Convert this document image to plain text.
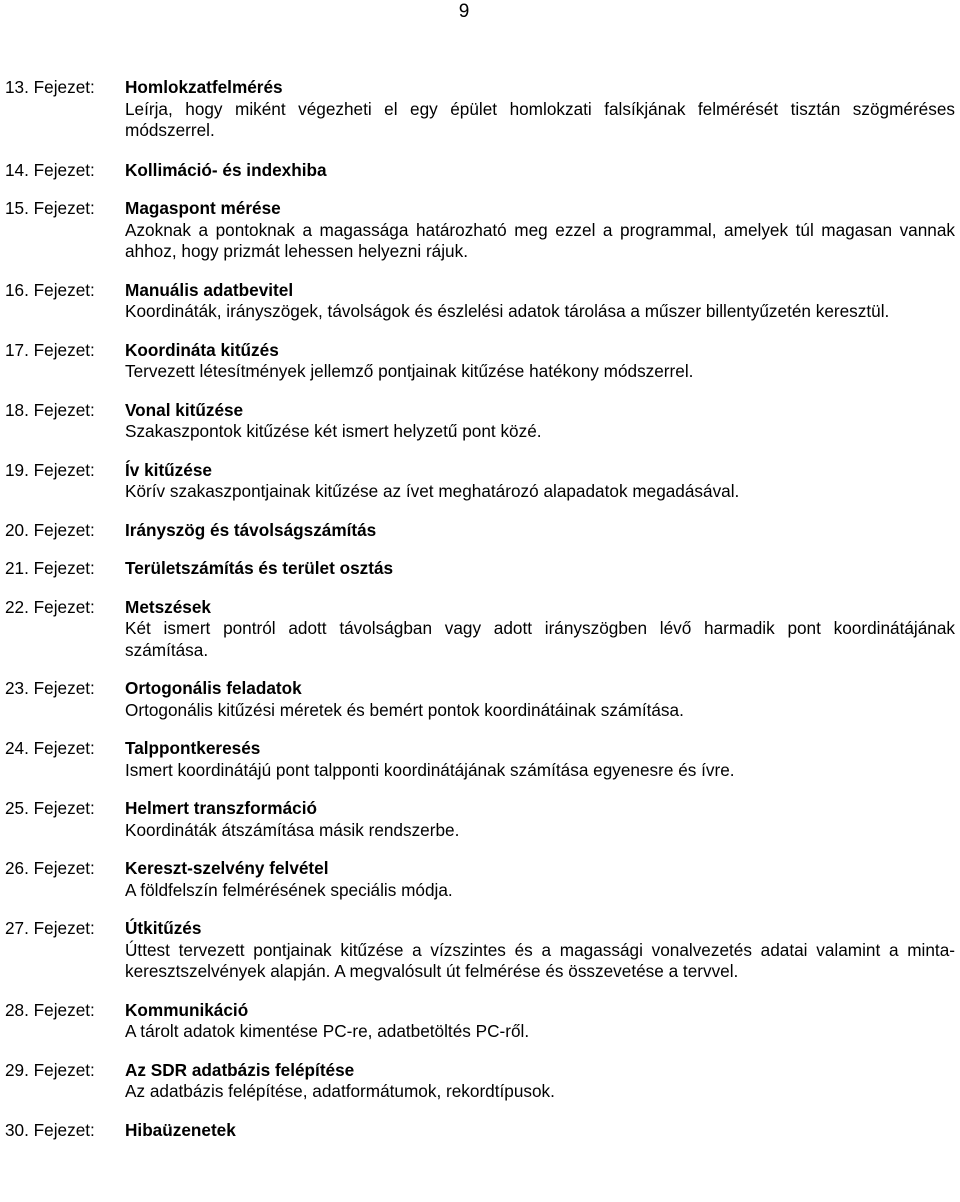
9
13. Fejezet:	Homlokzatfelmérés
Leírja, hogy miként végezheti el egy épület homlokzati falsíkjának felmérését tisztán szögméréses módszerrel.
14. Fejezet:	Kollimáció- és indexhiba
15. Fejezet:	Magaspont mérése
Azoknak a pontoknak a magassága határozható meg ezzel a programmal, amelyek túl magasan vannak ahhoz, hogy prizmát lehessen helyezni rájuk.
16. Fejezet:	Manuális adatbevitel
Koordináták, irányszögek, távolságok és észlelési adatok tárolása a műszer billentyűzetén keresztül.
17. Fejezet:	Koordináta kitűzés
Tervezett létesítmények jellemző pontjainak kitűzése hatékony módszerrel.
18. Fejezet:	Vonal kitűzése
Szakaszpontok kitűzése két ismert helyzetű pont közé.
19. Fejezet:	Ív kitűzése
Körív szakaszpontjainak kitűzése az ívet meghatározó alapadatok megadásával.
20. Fejezet:	Irányszög és távolságszámítás
21. Fejezet:	Területszámítás és terület osztás
22. Fejezet:	Metszések
Két ismert pontról adott távolságban vagy adott irányszögben lévő harmadik pont koordinátájának számítása.
23. Fejezet:	Ortogonális feladatok
Ortogonális kitűzési méretek és bemért pontok koordinátáinak számítása.
24. Fejezet:	Talppontkeresés
Ismert koordinátájú pont talpponti koordinátájának számítása egyenesre és ívre.
25. Fejezet:	Helmert transzformáció
Koordináták átszámítása másik rendszerbe.
26. Fejezet:	Kereszt-szelvény felvétel
A földfelszín felmérésének speciális módja.
27. Fejezet:	Útkitűzés
Úttest tervezett pontjainak kitűzése a vízszintes és a magassági vonalvezetés adatai valamint a minta-keresztszelvények alapján. A megvalósult út felmérése és összevetése a tervvel.
28. Fejezet:	Kommunikáció
A tárolt adatok kimentése PC-re, adatbetöltés PC-ről.
29. Fejezet:	Az SDR adatbázis felépítése
Az adatbázis felépítése, adatformátumok, rekordtípusok.
30. Fejezet:	Hibaüzenetek
